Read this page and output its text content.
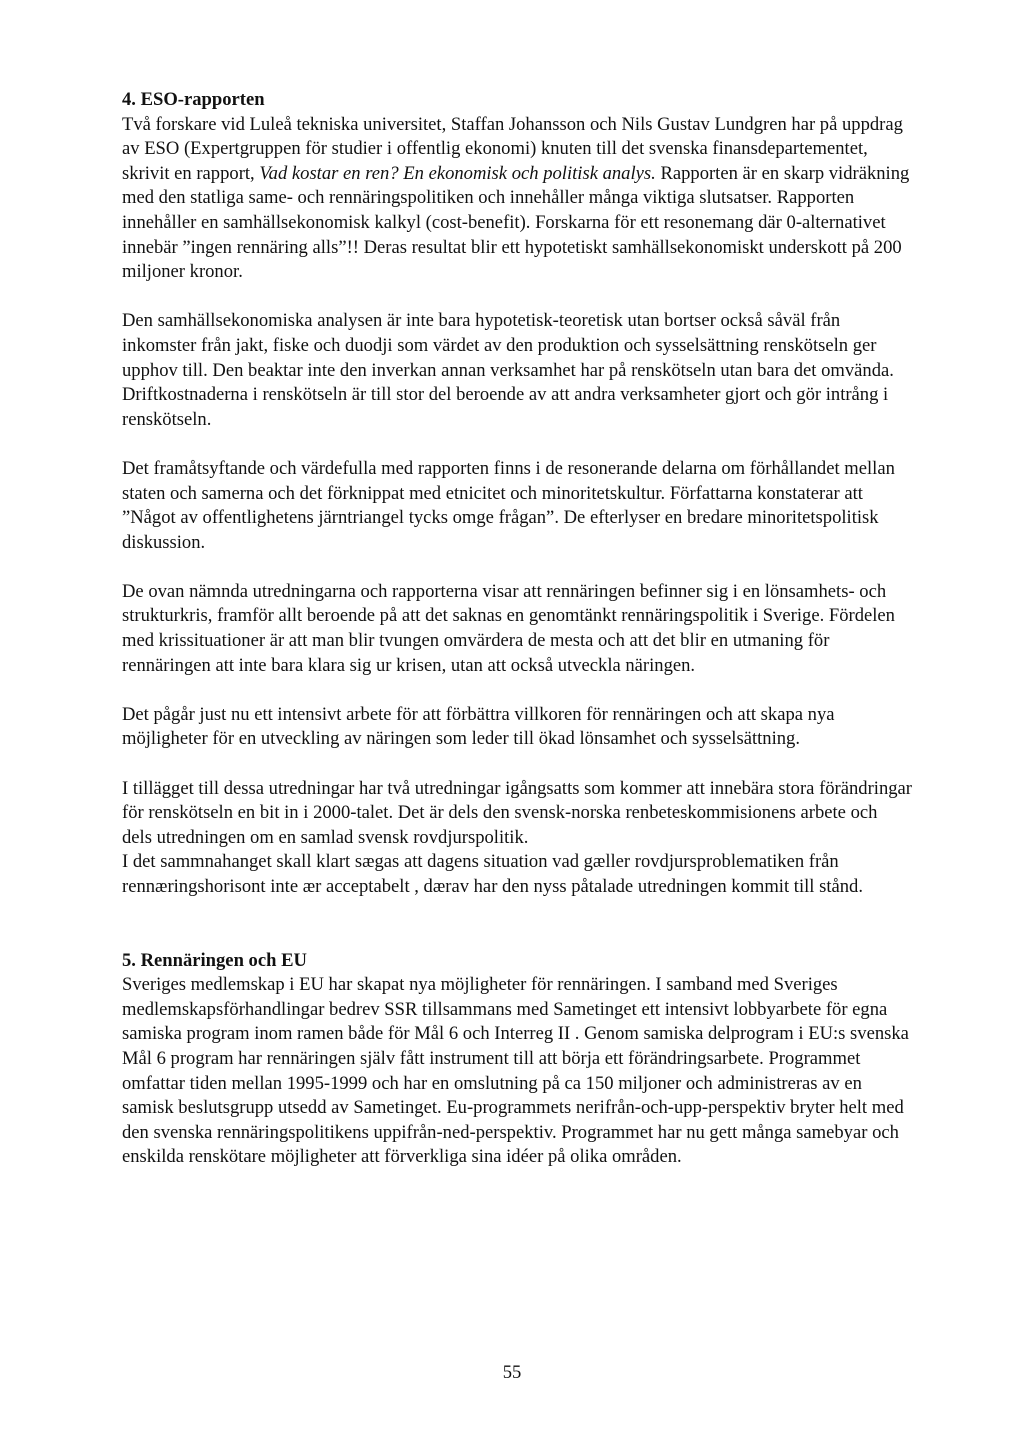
4. ESO-rapporten

Två forskare vid Luleå tekniska universitet, Staffan Johansson och Nils Gustav Lundgren har på uppdrag av ESO (Expertgruppen för studier i offentlig ekonomi) knuten till det svenska finansdepartementet, skrivit en rapport, Vad kostar en ren? En ekonomisk och politisk analys. Rapporten är en skarp vidräkning med den statliga same- och rennäringspolitiken och innehåller många viktiga slutsatser. Rapporten innehåller en samhällsekonomisk kalkyl (cost-benefit). Forskarna för ett resonemang där 0-alternativet innebär ”ingen rennäring alls”!! Deras resultat blir ett hypotetiskt samhällsekonomiskt underskott på 200 miljoner kronor.

Den samhällsekonomiska analysen är inte bara hypotetisk-teoretisk utan bortser också såväl från inkomster från jakt, fiske och duodji som värdet av den produktion och sysselsättning renskötseln ger upphov till. Den beaktar inte den inverkan annan verksamhet har på renskötseln utan bara det omvända. Driftkostnaderna i renskötseln är till stor del beroende av att andra verksamheter gjort och gör intrång i renskötseln.

Det framåtsyftande och värdefulla med rapporten finns i de resonerande delarna om förhållandet mellan staten och samerna och det förknippat med etnicitet och minoritetskultur. Författarna konstaterar att ”Något av offentlighetens järntriangel tycks omge frågan”. De efterlyser en bredare minoritetspolitisk diskussion.

De ovan nämnda utredningarna och rapporterna visar att rennäringen befinner sig i en lönsamhets- och strukturkris, framför allt beroende på att det saknas en genomtänkt rennäringspolitik i Sverige. Fördelen med krissituationer är att man blir tvungen omvärdera de mesta och att det blir en utmaning för rennäringen att inte bara klara sig ur krisen, utan att också utveckla näringen.

Det pågår just nu ett intensivt arbete för att förbättra villkoren för rennäringen och att skapa nya möjligheter för en utveckling av näringen som leder till ökad lönsamhet och sysselsättning.

I tillägget till dessa utredningar har två utredningar igångsatts som kommer att innebära stora förändringar för renskötseln en bit in i 2000-talet. Det är dels den svensk-norska renbeteskommisionens arbete och dels utredningen om en samlad svensk rovdjurspolitik.
I det sammnahanget skall klart sægas att dagens situation vad gæller rovdjursproblematiken från rennæringshorisont inte ær acceptabelt , dærav har den nyss påtalade utredningen kommit till stånd.

5. Rennäringen och EU

Sveriges medlemskap i EU har skapat nya möjligheter för rennäringen. I samband med Sveriges medlemskapsförhandlingar bedrev SSR tillsammans med Sametinget ett intensivt lobbyarbete för egna samiska program inom ramen både för Mål 6 och Interreg II . Genom samiska delprogram i EU:s svenska Mål 6 program har rennäringen själv fått instrument till att börja ett förändringsarbete. Programmet omfattar tiden mellan 1995-1999 och har en omslutning på ca 150 miljoner och administreras av en samisk beslutsgrupp utsedd av Sametinget. Eu-programmets nerifrån-och-upp-perspektiv bryter helt med den svenska rennäringspolitikens uppifrån-ned-perspektiv. Programmet har nu gett många samebyar och enskilda renskötare möjligheter att förverkliga sina idéer på olika områden.

55
